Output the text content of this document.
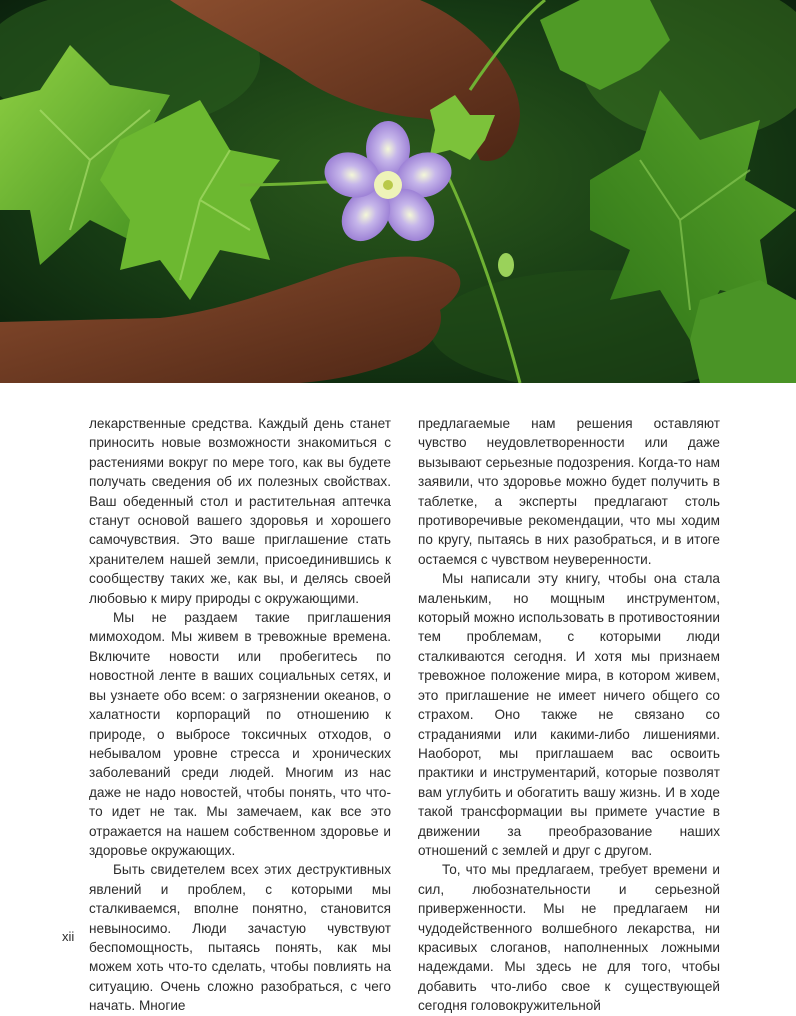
лекарственные средства. Каждый день станет приносить новые возможности знакомиться с растениями вокруг по мере того, как вы будете получать сведения об их полезных свойствах. Ваш обеденный стол и растительная аптечка станут основой вашего здоровья и хорошего самочувствия. Это ваше приглашение стать хранителем нашей земли, присоединившись к сообществу таких же, как вы, и делясь своей любовью к миру природы с окружающими.

Мы не раздаем такие приглашения мимоходом. Мы живем в тревожные времена. Включите новости или пробегитесь по новостной ленте в ваших социальных сетях, и вы узнаете обо всем: о загрязнении океанов, о халатности корпораций по отношению к природе, о выбросе токсичных отходов, о небывалом уровне стресса и хронических заболеваний среди людей. Многим из нас даже не надо новостей, чтобы понять, что что-то идет не так. Мы замечаем, как все это отражается на нашем собственном здоровье и здоровье окружающих.

Быть свидетелем всех этих деструктивных явлений и проблем, с которыми мы сталкиваемся, вполне понятно, становится невыносимо. Люди зачастую чувствуют беспомощность, пытаясь понять, как мы можем хоть что-то сделать, чтобы повлиять на ситуацию. Очень сложно разобраться, с чего начать. Многие

предлагаемые нам решения оставляют чувство неудовлетворенности или даже вызывают серьезные подозрения. Когда-то нам заявили, что здоровье можно будет получить в таблетке, а эксперты предлагают столь противоречивые рекомендации, что мы ходим по кругу, пытаясь в них разобраться, и в итоге остаемся с чувством неуверенности.

Мы написали эту книгу, чтобы она стала маленьким, но мощным инструментом, который можно использовать в противостоянии тем проблемам, с которыми люди сталкиваются сегодня. И хотя мы признаем тревожное положение мира, в котором живем, это приглашение не имеет ничего общего со страхом. Оно также не связано со страданиями или какими-либо лишениями. Наоборот, мы приглашаем вас освоить практики и инструментарий, которые позволят вам углубить и обогатить вашу жизнь. И в ходе такой трансформации вы примете участие в движении за преобразование наших отношений с землей и друг с другом.

То, что мы предлагаем, требует времени и сил, любознательности и серьезной приверженности. Мы не предлагаем ни чудодейственного волшебного лекарства, ни красивых слоганов, наполненных ложными надеждами. Мы здесь не для того, чтобы добавить что-либо свое к существующей сегодня головокружительной

xii
